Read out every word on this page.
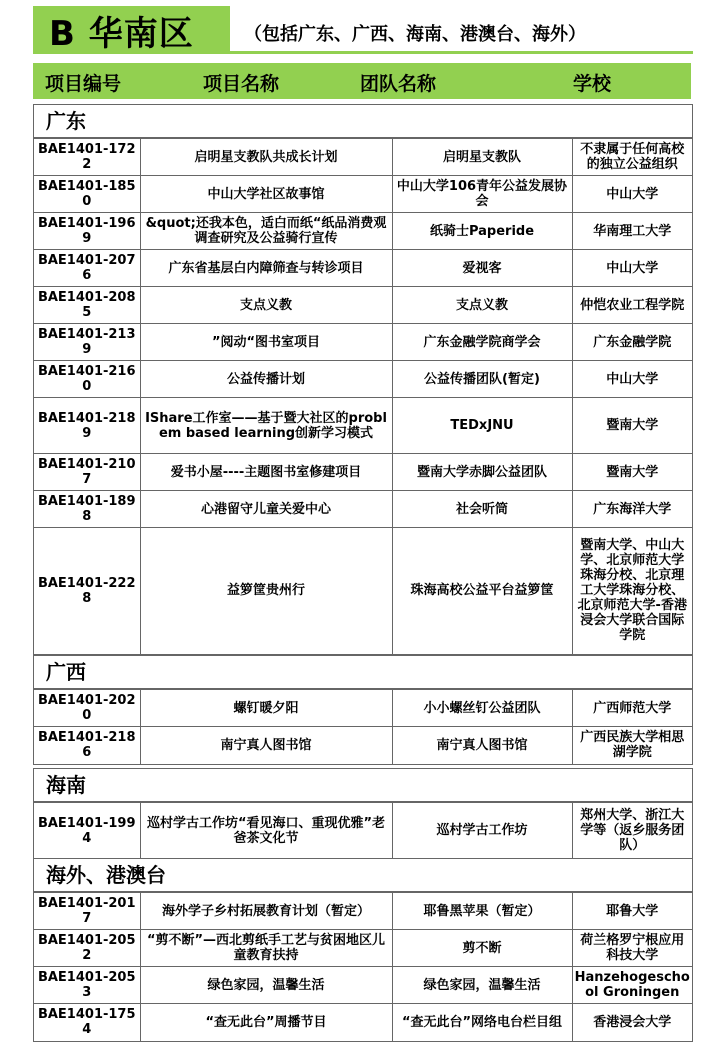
B 华南区	（包括广东、广西、海南、港澳台、海外）
项目编号	项目名称	团队名称	学校
广东
BAE1401-1722	启明星支教队共成长计划	启明星支教队	不隶属于任何高校的独立公益组织
BAE1401-1850	中山大学社区故事馆	中山大学106青年公益发展协会	中山大学
BAE1401-1969	&quot;还我本色，适白而纸“纸品消费观调查研究及公益骑行宣传	纸骑士Paperide	华南理工大学
BAE1401-2076	广东省基层白内障筛查与转诊项目	爱视客	中山大学
BAE1401-2085	支点义教	支点义教	仲恺农业工程学院
BAE1401-2139	”阅动“图书室项目	广东金融学院商学会	广东金融学院
BAE1401-2160	公益传播计划	公益传播团队(暂定)	中山大学
BAE1401-2189	IShare工作室——基于暨大社区的problem based learning创新学习模式	TEDxJNU	暨南大学
BAE1401-2107	爱书小屋----主题图书室修建项目	暨南大学赤脚公益团队	暨南大学
BAE1401-1898	心港留守儿童关爱中心	社会听筒	广东海洋大学
BAE1401-2228	益箩筐贵州行	珠海高校公益平台益箩筐	暨南大学、中山大学、北京师范大学珠海分校、北京理工大学珠海分校、北京师范大学-香港浸会大学联合国际学院
广西
BAE1401-2020	螺钉暖夕阳	小小螺丝钉公益团队	广西师范大学
BAE1401-2186	南宁真人图书馆	南宁真人图书馆	广西民族大学相思湖学院
海南
BAE1401-1994	巡村学古工作坊“看见海口、重现优雅”老爸茶文化节	巡村学古工作坊	郑州大学、浙江大学等（返乡服务团队）
海外、港澳台
BAE1401-2017	海外学子乡村拓展教育计划（暂定）	耶鲁黑苹果（暂定）	耶鲁大学
BAE1401-2052	“剪不断”—西北剪纸手工艺与贫困地区儿童教育扶持	剪不断	荷兰格罗宁根应用科技大学
BAE1401-2053	绿色家园，温馨生活	绿色家园，温馨生活	Hanzehogeschool Groningen
BAE1401-1754	“查无此台”周播节目	“查无此台”网络电台栏目组	香港浸会大学
